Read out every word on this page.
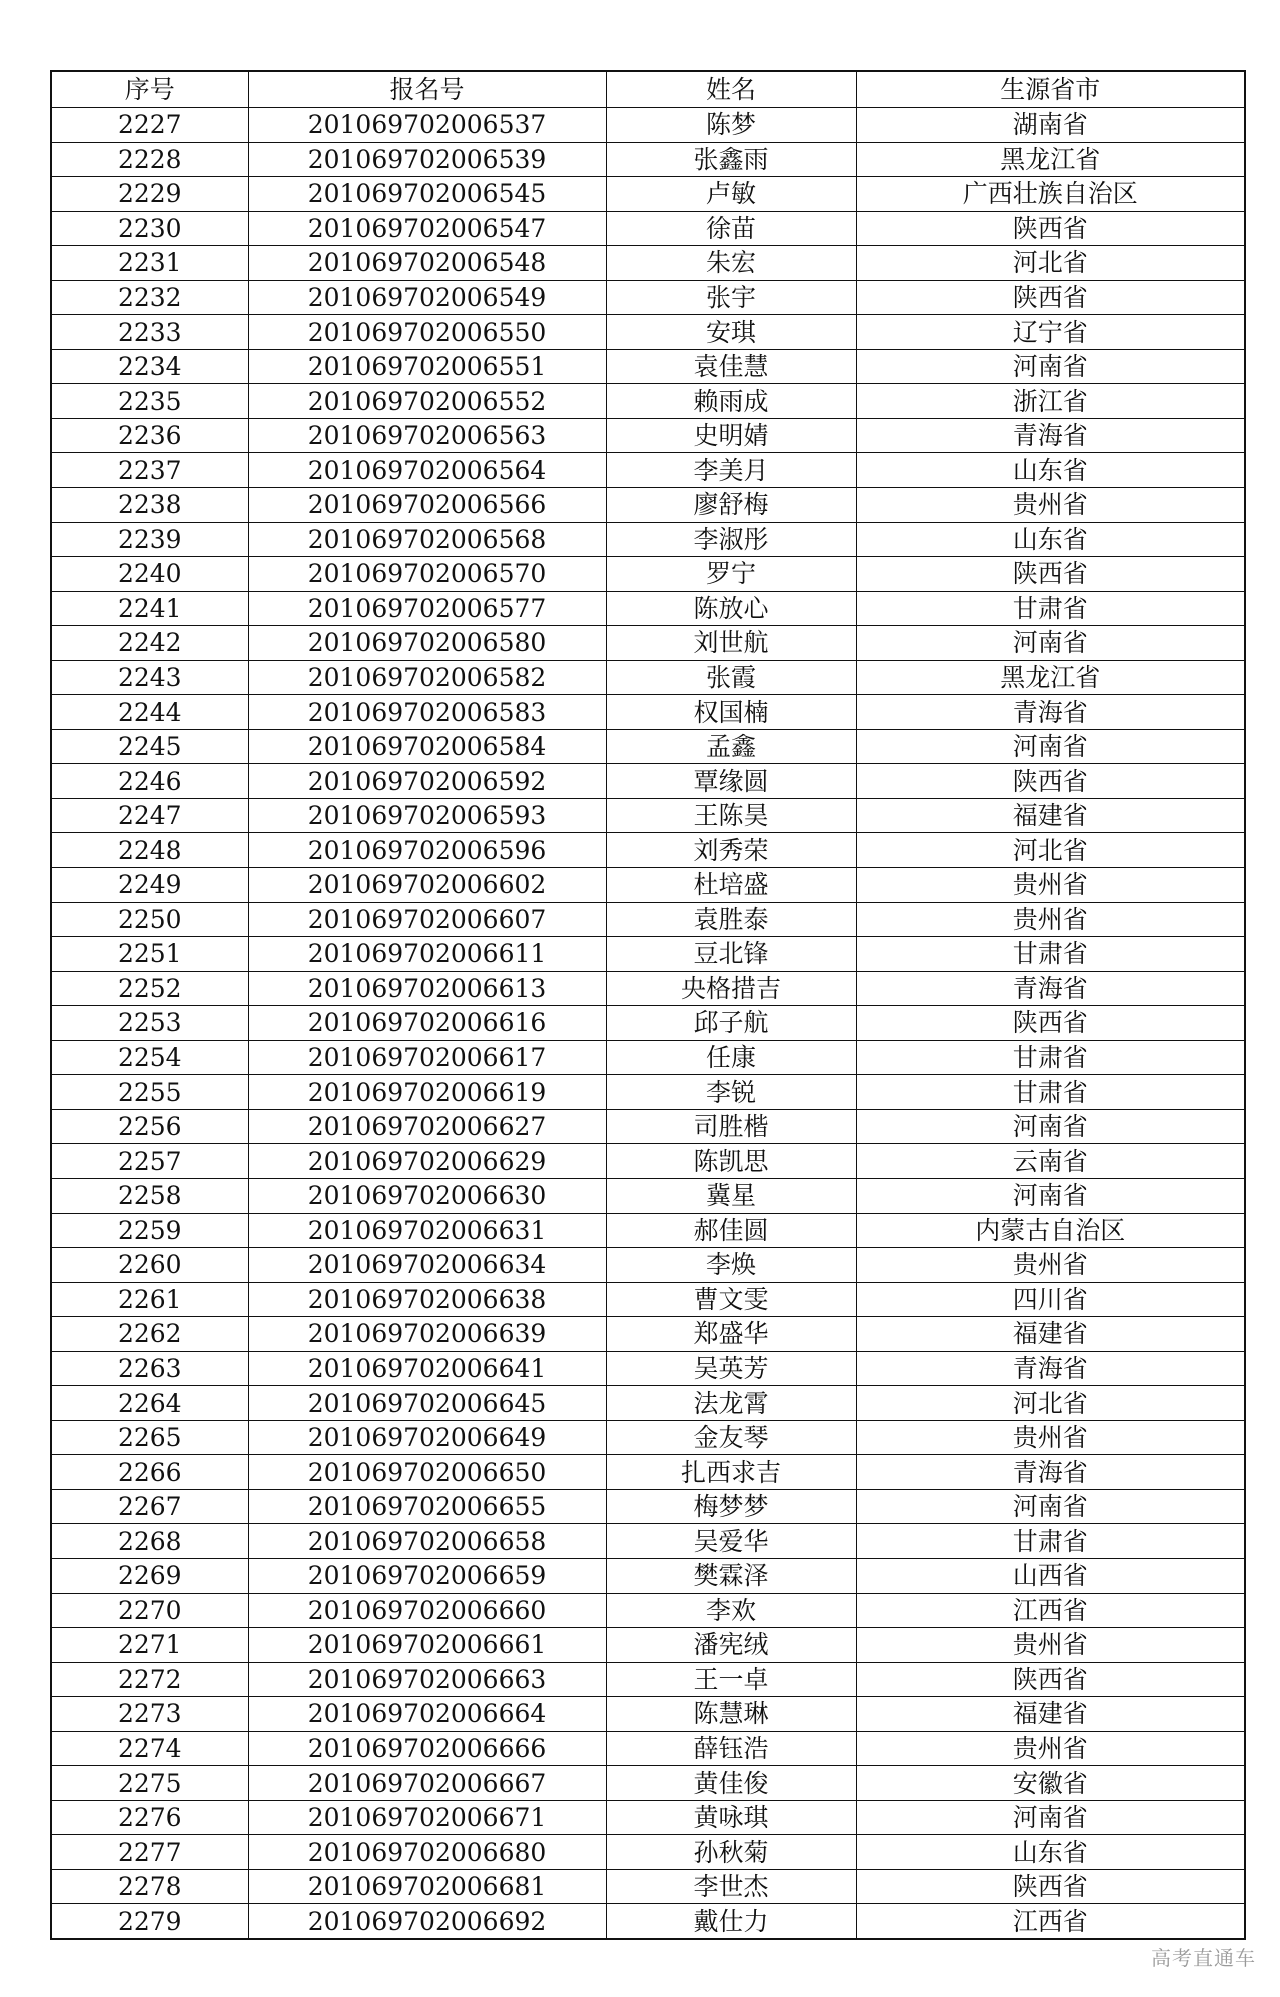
序号	报名号	姓名	生源省市
2227	201069702006537	陈梦	湖南省
2228	201069702006539	张鑫雨	黑龙江省
2229	201069702006545	卢敏	广西壮族自治区
2230	201069702006547	徐苗	陕西省
2231	201069702006548	朱宏	河北省
2232	201069702006549	张宇	陕西省
2233	201069702006550	安琪	辽宁省
2234	201069702006551	袁佳慧	河南省
2235	201069702006552	赖雨成	浙江省
2236	201069702006563	史明婧	青海省
2237	201069702006564	李美月	山东省
2238	201069702006566	廖舒梅	贵州省
2239	201069702006568	李淑彤	山东省
2240	201069702006570	罗宁	陕西省
2241	201069702006577	陈放心	甘肃省
2242	201069702006580	刘世航	河南省
2243	201069702006582	张霞	黑龙江省
2244	201069702006583	权国楠	青海省
2245	201069702006584	孟鑫	河南省
2246	201069702006592	覃缘圆	陕西省
2247	201069702006593	王陈昊	福建省
2248	201069702006596	刘秀荣	河北省
2249	201069702006602	杜培盛	贵州省
2250	201069702006607	袁胜泰	贵州省
2251	201069702006611	豆北锋	甘肃省
2252	201069702006613	央格措吉	青海省
2253	201069702006616	邱子航	陕西省
2254	201069702006617	任康	甘肃省
2255	201069702006619	李锐	甘肃省
2256	201069702006627	司胜楷	河南省
2257	201069702006629	陈凯思	云南省
2258	201069702006630	冀星	河南省
2259	201069702006631	郝佳圆	内蒙古自治区
2260	201069702006634	李焕	贵州省
2261	201069702006638	曹文雯	四川省
2262	201069702006639	郑盛华	福建省
2263	201069702006641	吴英芳	青海省
2264	201069702006645	法龙霄	河北省
2265	201069702006649	金友琴	贵州省
2266	201069702006650	扎西求吉	青海省
2267	201069702006655	梅梦梦	河南省
2268	201069702006658	吴爱华	甘肃省
2269	201069702006659	樊霖泽	山西省
2270	201069702006660	李欢	江西省
2271	201069702006661	潘宪绒	贵州省
2272	201069702006663	王一卓	陕西省
2273	201069702006664	陈慧琳	福建省
2274	201069702006666	薛钰浩	贵州省
2275	201069702006667	黄佳俊	安徽省
2276	201069702006671	黄咏琪	河南省
2277	201069702006680	孙秋菊	山东省
2278	201069702006681	李世杰	陕西省
2279	201069702006692	戴仕力	江西省
高考直通车
